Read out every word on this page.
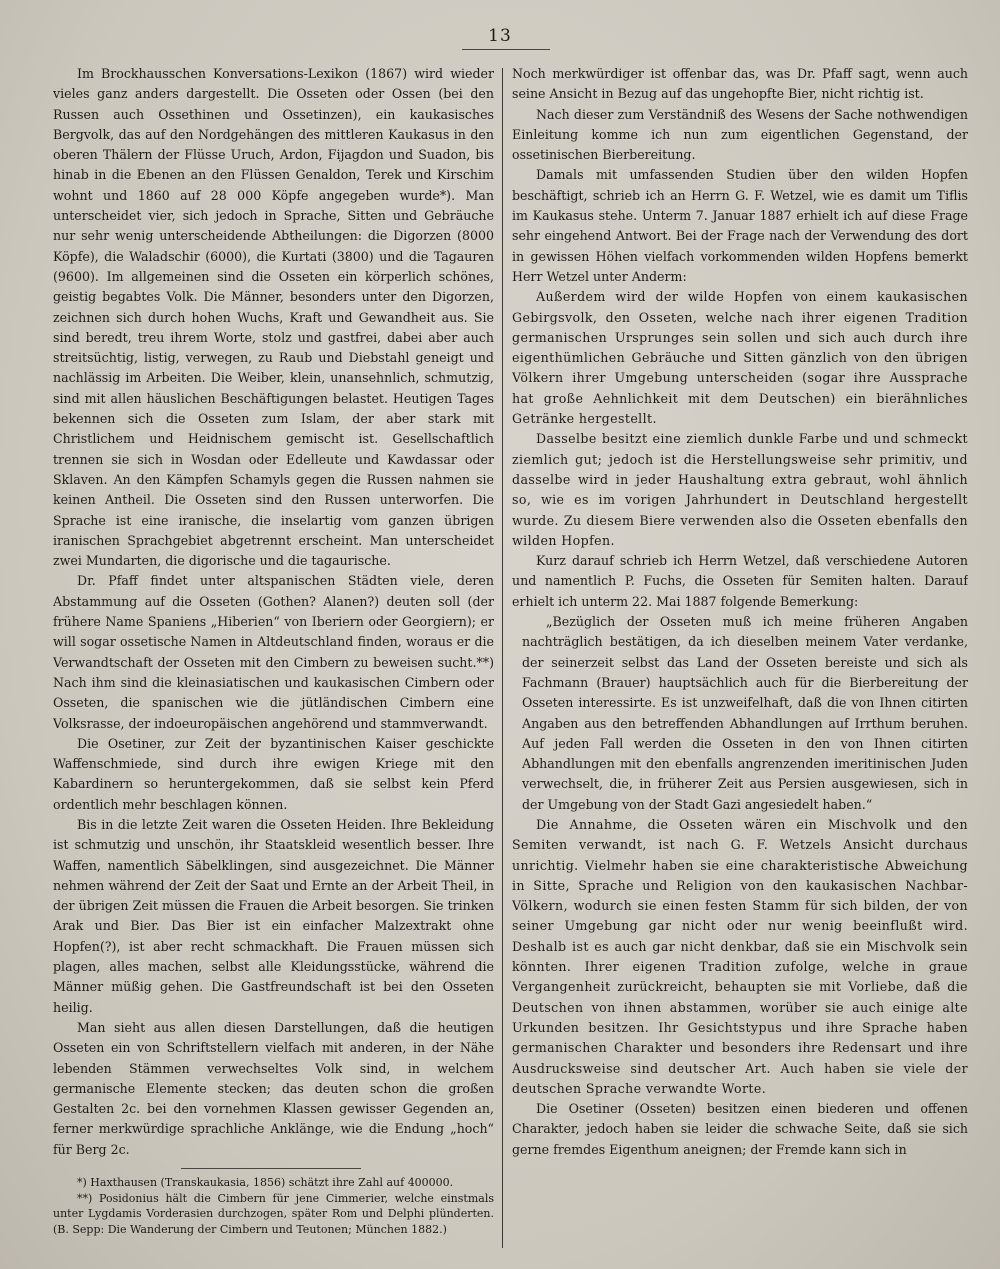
13

Im Brockhausschen Konversations-Lexikon (1867) wird wieder vieles ganz anders dargestellt. Die Osseten oder Ossen (bei den Russen auch Ossethinen und Ossetinzen), ein kaukasisches Bergvolk, das auf den Nordgehängen des mittleren Kaukasus in den oberen Thälern der Flüsse Uruch, Ardon, Fijagdon und Suadon, bis hinab in die Ebenen an den Flüssen Genaldon, Terek und Kirschim wohnt und 1860 auf 28 000 Köpfe angegeben wurde*). Man unterscheidet vier, sich jedoch in Sprache, Sitten und Gebräuche nur sehr wenig unterscheidende Abtheilungen: die Digorzen (8000 Köpfe), die Waladschir (6000), die Kurtati (3800) und die Tagauren (9600). Im allgemeinen sind die Osseten ein körperlich schönes, geistig begabtes Volk. Die Männer, besonders unter den Digorzen, zeichnen sich durch hohen Wuchs, Kraft und Gewandheit aus. Sie sind beredt, treu ihrem Worte, stolz und gastfrei, dabei aber auch streitsüchtig, listig, verwegen, zu Raub und Diebstahl geneigt und nachlässig im Arbeiten. Die Weiber, klein, unansehnlich, schmutzig, sind mit allen häuslichen Beschäftigungen belastet. Heutigen Tages bekennen sich die Osseten zum Islam, der aber stark mit Christlichem und Heidnischem gemischt ist. Gesellschaftlich trennen sie sich in Wosdan oder Edelleute und Kawdassar oder Sklaven. An den Kämpfen Schamyls gegen die Russen nahmen sie keinen Antheil. Die Osseten sind den Russen unterworfen. Die Sprache ist eine iranische, die inselartig vom ganzen übrigen iranischen Sprachgebiet abgetrennt erscheint. Man unterscheidet zwei Mundarten, die digorische und die tagaurische.

Dr. Pfaff findet unter altspanischen Städten viele, deren Abstammung auf die Osseten (Gothen? Alanen?) deuten soll (der frühere Name Spaniens „Hiberien“ von Iberiern oder Georgiern); er will sogar ossetische Namen in Altdeutschland finden, woraus er die Verwandtschaft der Osseten mit den Cimbern zu beweisen sucht.**) Nach ihm sind die kleinasiatischen und kaukasischen Cimbern oder Osseten, die spanischen wie die jütländischen Cimbern eine Volksrasse, der indoeuropäischen angehörend und stammverwandt.

Die Osetiner, zur Zeit der byzantinischen Kaiser geschickte Waffenschmiede, sind durch ihre ewigen Kriege mit den Kabardinern so heruntergekommen, daß sie selbst kein Pferd ordentlich mehr beschlagen können.

Bis in die letzte Zeit waren die Osseten Heiden. Ihre Bekleidung ist schmutzig und unschön, ihr Staatskleid wesentlich besser. Ihre Waffen, namentlich Säbelklingen, sind ausgezeichnet. Die Männer nehmen während der Zeit der Saat und Ernte an der Arbeit Theil, in der übrigen Zeit müssen die Frauen die Arbeit besorgen. Sie trinken Arak und Bier. Das Bier ist ein einfacher Malzextrakt ohne Hopfen(?), ist aber recht schmackhaft. Die Frauen müssen sich plagen, alles machen, selbst alle Kleidungsstücke, während die Männer müßig gehen. Die Gastfreundschaft ist bei den Osseten heilig.

Man sieht aus allen diesen Darstellungen, daß die heutigen Osseten ein von Schriftstellern vielfach mit anderen, in der Nähe lebenden Stämmen verwechseltes Volk sind, in welchem germanische Elemente stecken; das deuten schon die großen Gestalten 2c. bei den vornehmen Klassen gewisser Gegenden an, ferner merkwürdige sprachliche Anklänge, wie die Endung „hoch“ für Berg 2c.

*) Haxthausen (Transkaukasia, 1856) schätzt ihre Zahl auf 400000.

**) Posidonius hält die Cimbern für jene Cimmerier, welche einstmals unter Lygdamis Vorderasien durchzogen, später Rom und Delphi plünderten. (B. Sepp: Die Wanderung der Cimbern und Teutonen; München 1882.)

Noch merkwürdiger ist offenbar das, was Dr. Pfaff sagt, wenn auch seine Ansicht in Bezug auf das ungehopfte Bier, nicht richtig ist.

Nach dieser zum Verständniß des Wesens der Sache nothwendigen Einleitung komme ich nun zum eigentlichen Gegenstand, der ossetinischen Bierbereitung.

Damals mit umfassenden Studien über den wilden Hopfen beschäftigt, schrieb ich an Herrn G. F. Wetzel, wie es damit um Tiflis im Kaukasus stehe. Unterm 7. Januar 1887 erhielt ich auf diese Frage sehr eingehend Antwort. Bei der Frage nach der Verwendung des dort in gewissen Höhen vielfach vorkommenden wilden Hopfens bemerkt Herr Wetzel unter Anderm:

Außerdem wird der wilde Hopfen von einem kaukasischen Gebirgsvolk, den Osseten, welche nach ihrer eigenen Tradition germanischen Ursprunges sein sollen und sich auch durch ihre eigenthümlichen Gebräuche und Sitten gänzlich von den übrigen Völkern ihrer Umgebung unterscheiden (sogar ihre Aussprache hat große Aehnlichkeit mit dem Deutschen) ein bierähnliches Getränke hergestellt.

Dasselbe besitzt eine ziemlich dunkle Farbe und und schmeckt ziemlich gut; jedoch ist die Herstellungsweise sehr primitiv, und dasselbe wird in jeder Haushaltung extra gebraut, wohl ähnlich so, wie es im vorigen Jahrhundert in Deutschland hergestellt wurde. Zu diesem Biere verwenden also die Osseten ebenfalls den wilden Hopfen.

Kurz darauf schrieb ich Herrn Wetzel, daß verschiedene Autoren und namentlich P. Fuchs, die Osseten für Semiten halten. Darauf erhielt ich unterm 22. Mai 1887 folgende Bemerkung:

„Bezüglich der Osseten muß ich meine früheren Angaben nachträglich bestätigen, da ich dieselben meinem Vater verdanke, der seinerzeit selbst das Land der Osseten bereiste und sich als Fachmann (Brauer) hauptsächlich auch für die Bierbereitung der Osseten interessirte. Es ist unzweifelhaft, daß die von Ihnen citirten Angaben aus den betreffenden Abhandlungen auf Irrthum beruhen. Auf jeden Fall werden die Osseten in den von Ihnen citirten Abhandlungen mit den ebenfalls angrenzenden imeritinischen Juden verwechselt, die, in früherer Zeit aus Persien ausgewiesen, sich in der Umgebung von der Stadt Gazi angesiedelt haben.“

Die Annahme, die Osseten wären ein Mischvolk und den Semiten verwandt, ist nach G. F. Wetzels Ansicht durchaus unrichtig. Vielmehr haben sie eine charakteristische Abweichung in Sitte, Sprache und Religion von den kaukasischen Nachbar-Völkern, wodurch sie einen festen Stamm für sich bilden, der von seiner Umgebung gar nicht oder nur wenig beeinflußt wird. Deshalb ist es auch gar nicht denkbar, daß sie ein Mischvolk sein könnten. Ihrer eigenen Tradition zufolge, welche in graue Vergangenheit zurückreicht, behaupten sie mit Vorliebe, daß die Deutschen von ihnen abstammen, worüber sie auch einige alte Urkunden besitzen. Ihr Gesichtstypus und ihre Sprache haben germanischen Charakter und besonders ihre Redensart und ihre Ausdrucksweise sind deutscher Art. Auch haben sie viele der deutschen Sprache verwandte Worte.

Die Osetiner (Osseten) besitzen einen biederen und offenen Charakter, jedoch haben sie leider die schwache Seite, daß sie sich gerne fremdes Eigenthum aneignen; der Fremde kann sich in
